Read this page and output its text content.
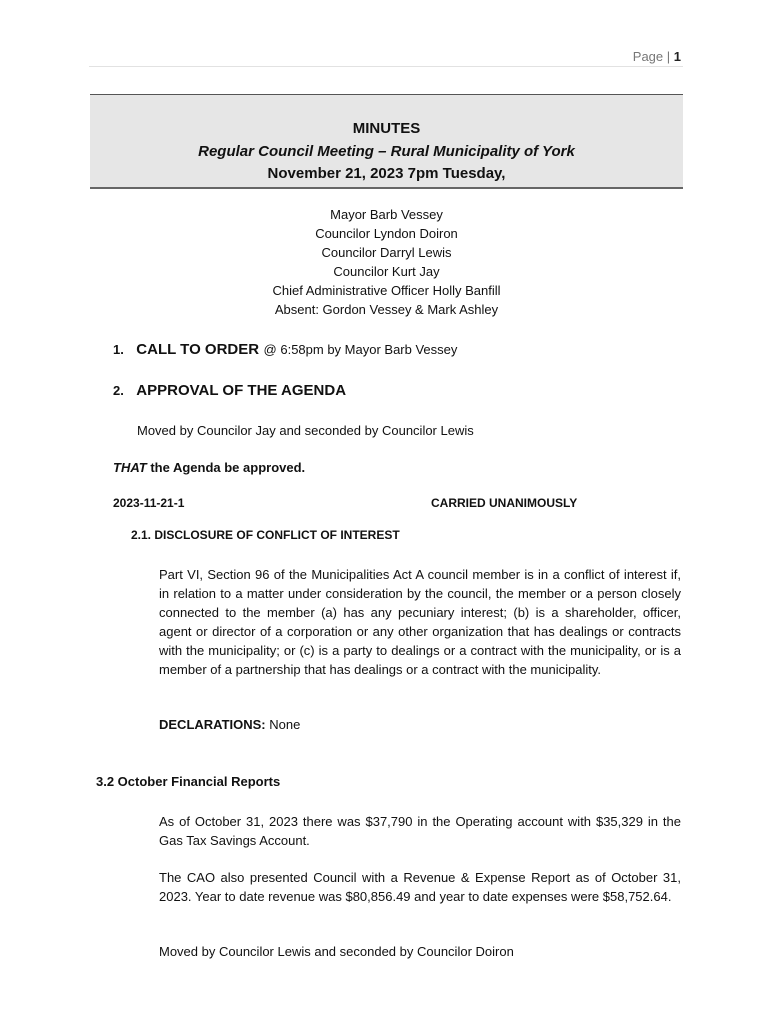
Page | 1
MINUTES
Regular Council Meeting – Rural Municipality of York
November 21, 2023 7pm Tuesday,
Mayor Barb Vessey
Councilor Lyndon Doiron
Councilor Darryl Lewis
Councilor Kurt Jay
Chief Administrative Officer Holly Banfill
Absent: Gordon Vessey & Mark Ashley
1. CALL TO ORDER @ 6:58pm by Mayor Barb Vessey
2. APPROVAL OF THE AGENDA
Moved by Councilor Jay and seconded by Councilor Lewis
THAT the Agenda be approved.
2023-11-21-1	CARRIED UNANIMOUSLY
2.1. DISCLOSURE OF CONFLICT OF INTEREST
Part VI, Section 96 of the Municipalities Act A council member is in a conflict of interest if, in relation to a matter under consideration by the council, the member or a person closely connected to the member (a) has any pecuniary interest; (b) is a shareholder, officer, agent or director of a corporation or any other organization that has dealings or contracts with the municipality; or (c) is a party to dealings or a contract with the municipality, or is a member of a partnership that has dealings or a contract with the municipality.
DECLARATIONS: None
3.2 October Financial Reports
As of October 31, 2023 there was $37,790 in the Operating account with $35,329 in the Gas Tax Savings Account.
The CAO also presented Council with a Revenue & Expense Report as of October 31, 2023. Year to date revenue was $80,856.49 and year to date expenses were $58,752.64.
Moved by Councilor Lewis and seconded by Councilor Doiron
